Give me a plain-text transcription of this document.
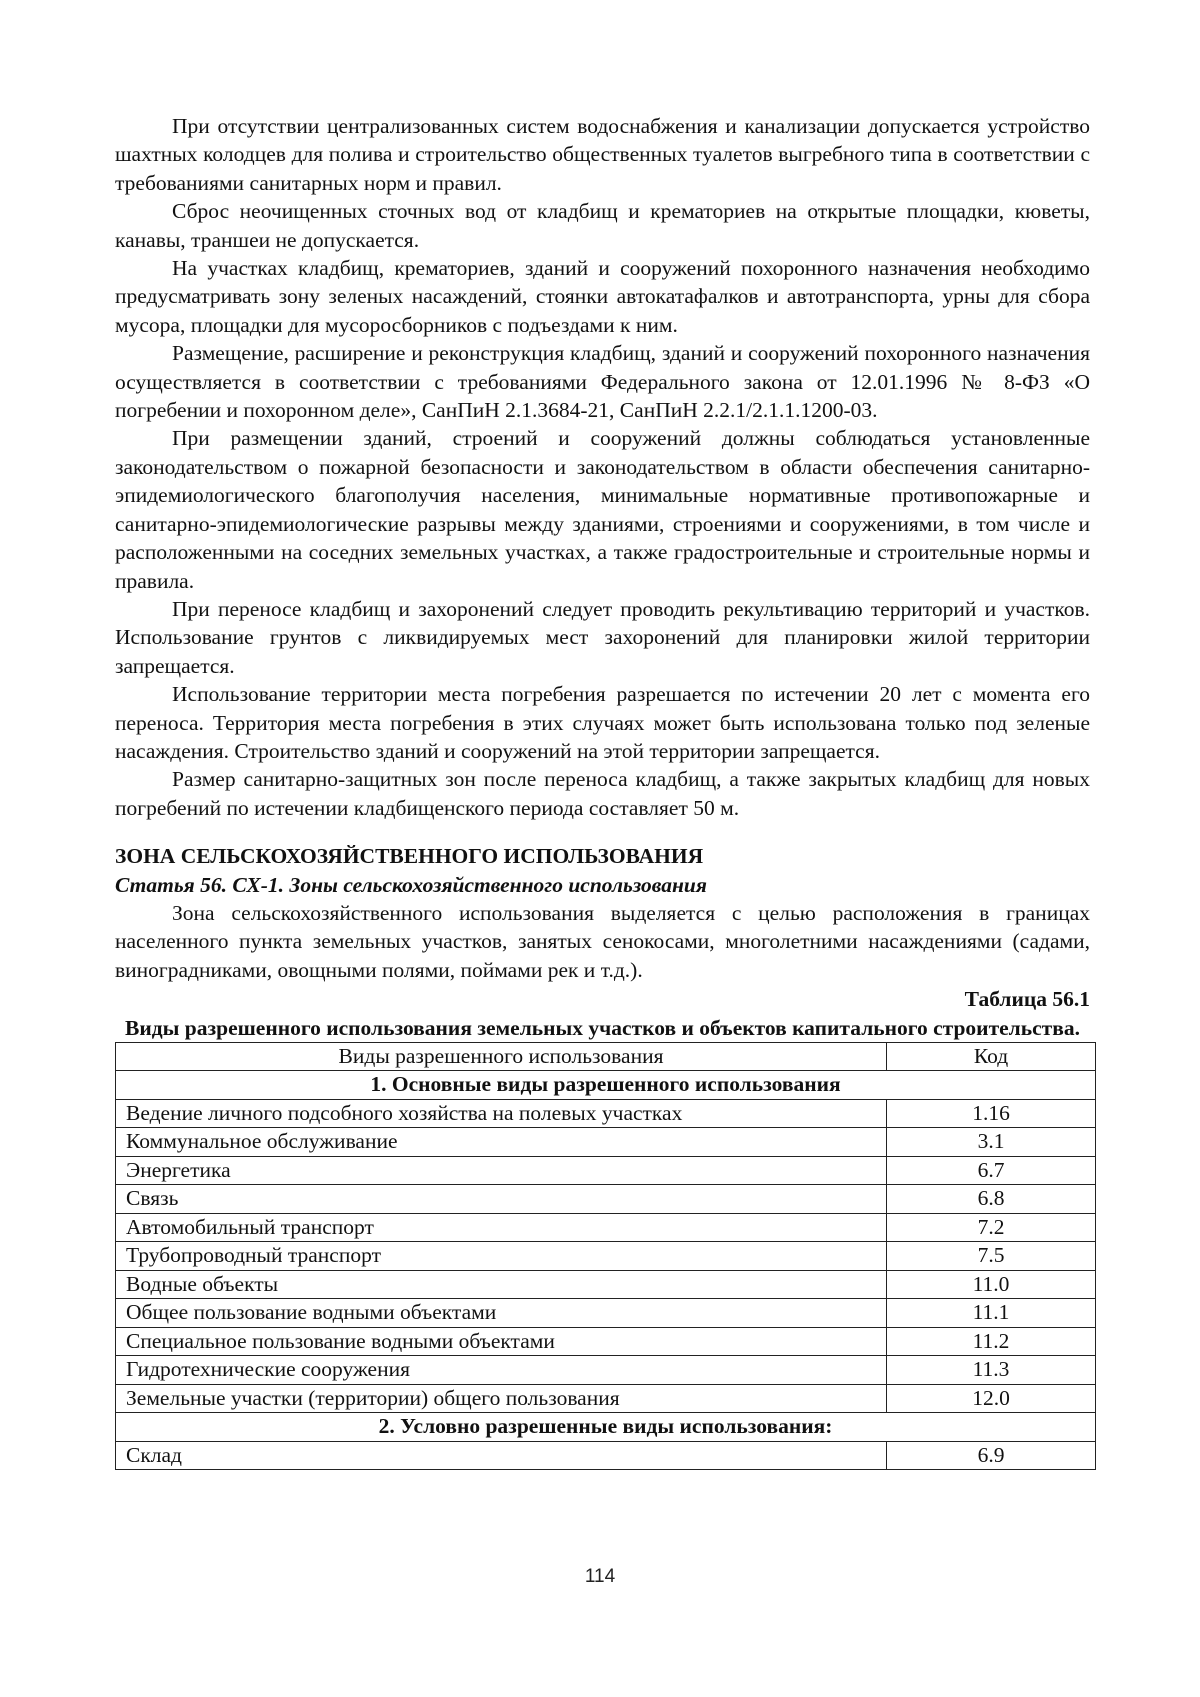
При отсутствии централизованных систем водоснабжения и канализации допускается устройство шахтных колодцев для полива и строительство общественных туалетов выгребного типа в соответствии с требованиями санитарных норм и правил.

Сброс неочищенных сточных вод от кладбищ и крематориев на открытые площадки, кюветы, канавы, траншеи не допускается.

На участках кладбищ, крематориев, зданий и сооружений похоронного назначения необходимо предусматривать зону зеленых насаждений, стоянки автокатафалков и автотранспорта, урны для сбора мусора, площадки для мусоросборников с подъездами к ним.

Размещение, расширение и реконструкция кладбищ, зданий и сооружений похоронного назначения осуществляется в соответствии с требованиями Федерального закона от 12.01.1996 № 8-ФЗ «О погребении и похоронном деле», СанПиН 2.1.3684-21, СанПиН 2.2.1/2.1.1.1200-03.

При размещении зданий, строений и сооружений должны соблюдаться установленные законодательством о пожарной безопасности и законодательством в области обеспечения санитарно-эпидемиологического благополучия населения, минимальные нормативные противопожарные и санитарно-эпидемиологические разрывы между зданиями, строениями и сооружениями, в том числе и расположенными на соседних земельных участках, а также градостроительные и строительные нормы и правила.

При переносе кладбищ и захоронений следует проводить рекультивацию территорий и участков. Использование грунтов с ликвидируемых мест захоронений для планировки жилой территории запрещается.

Использование территории места погребения разрешается по истечении 20 лет с момента его переноса. Территория места погребения в этих случаях может быть использована только под зеленые насаждения. Строительство зданий и сооружений на этой территории запрещается.

Размер санитарно-защитных зон после переноса кладбищ, а также закрытых кладбищ для новых погребений по истечении кладбищенского периода составляет 50 м.

ЗОНА СЕЛЬСКОХОЗЯЙСТВЕННОГО ИСПОЛЬЗОВАНИЯ
Статья 56. СХ-1. Зоны сельскохозяйственного использования

Зона сельскохозяйственного использования выделяется с целью расположения в границах населенного пункта земельных участков, занятых сенокосами, многолетними насаждениями (садами, виноградниками, овощными полями, поймами рек и т.д.).

Таблица 56.1
Виды разрешенного использования земельных участков и объектов капитального строительства.
Виды разрешенного использования	Код
1. Основные виды разрешенного использования	
Ведение личного подсобного хозяйства на полевых участках	1.16
Коммунальное обслуживание	3.1
Энергетика	6.7
Связь	6.8
Автомобильный транспорт	7.2
Трубопроводный транспорт	7.5
Водные объекты	11.0
Общее пользование водными объектами	11.1
Специальное пользование водными объектами	11.2
Гидротехнические сооружения	11.3
Земельные участки (территории) общего пользования	12.0
2. Условно разрешенные виды использования:	
Склад	6.9
114
